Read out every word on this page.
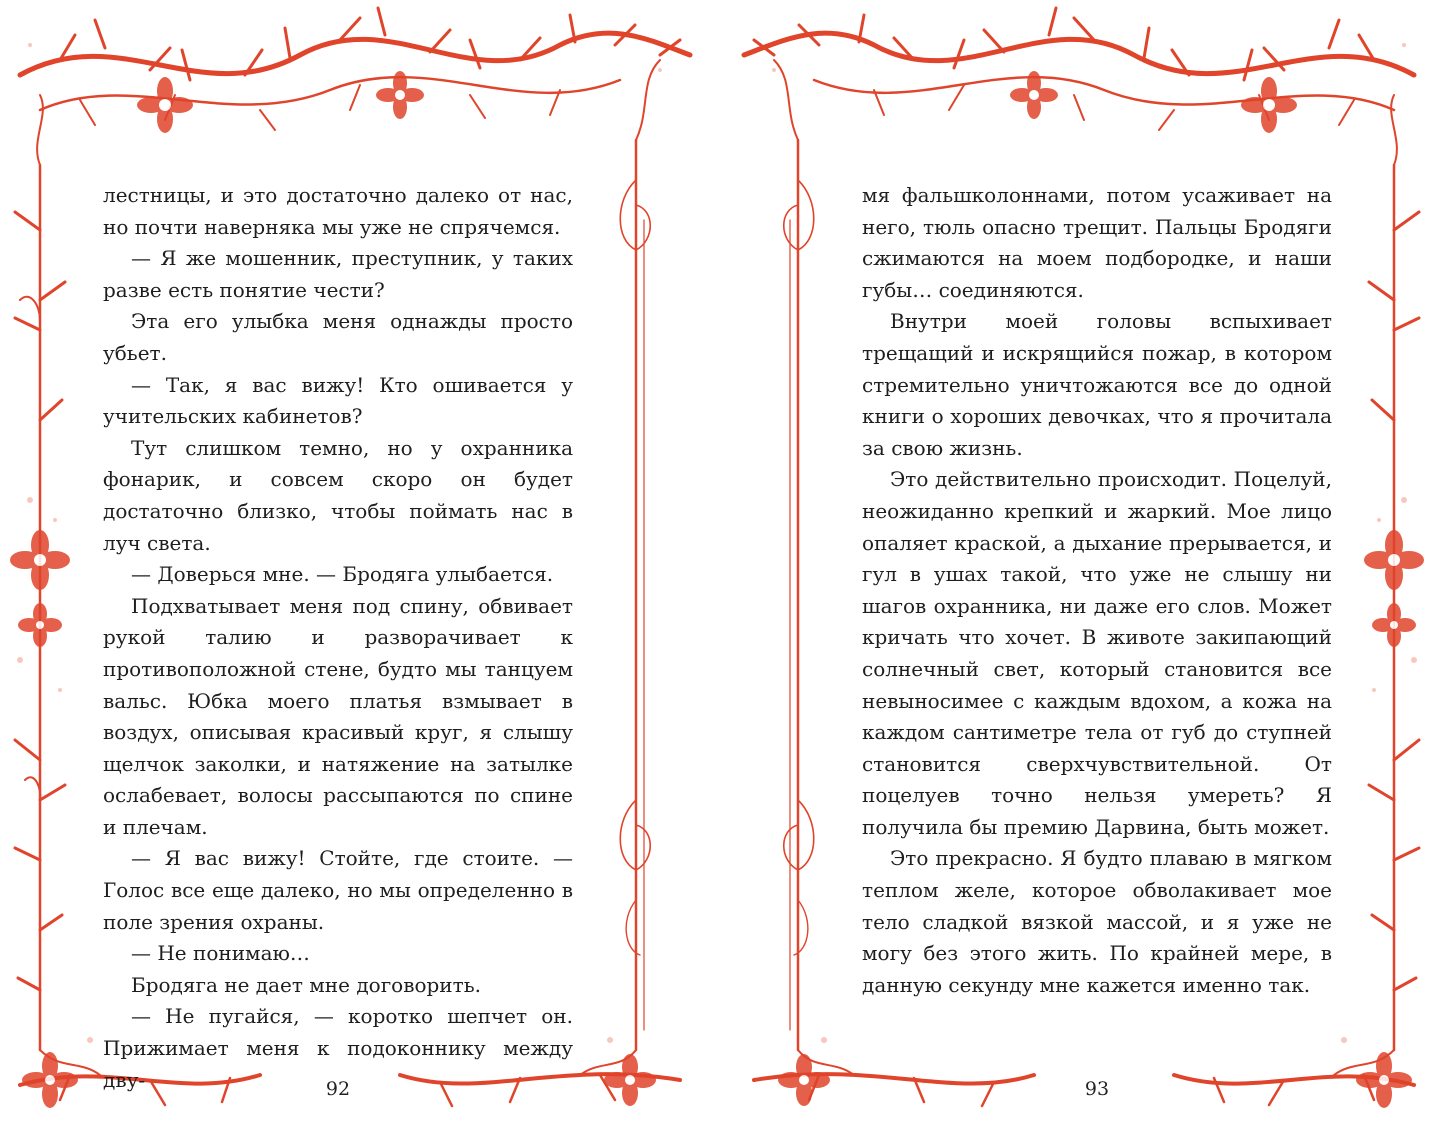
лестницы, и это достаточно далеко от нас, но почти наверняка мы уже не спрячемся.

— Я же мошенник, преступник, у таких разве есть понятие чести?

Эта его улыбка меня однажды просто убьет.

— Так, я вас вижу! Кто ошивается у учительских кабинетов?

Тут слишком темно, но у охранника фонарик, и совсем скоро он будет достаточно близко, чтобы поймать нас в луч света.

— Доверься мне. — Бродяга улыбается.

Подхватывает меня под спину, обвивает рукой талию и разворачивает к противоположной стене, будто мы танцуем вальс. Юбка моего платья взмывает в воздух, описывая красивый круг, я слышу щелчок заколки, и натяжение на затылке ослабевает, волосы рассыпаются по спине и плечам.

— Я вас вижу! Стойте, где стоите. — Голос все еще далеко, но мы определенно в поле зрения охраны.

— Не понимаю…

Бродяга не дает мне договорить.

— Не пугайся, — коротко шепчет он. Прижимает меня к подоконнику между дву-	92

мя фальшколоннами, потом усаживает на него, тюль опасно трещит. Пальцы Бродяги сжимаются на моем подбородке, и наши губы… соединяются.

Внутри моей головы вспыхивает трещащий и искрящийся пожар, в котором стремительно уничтожаются все до одной книги о хороших девочках, что я прочитала за свою жизнь.

Это действительно происходит. Поцелуй, неожиданно крепкий и жаркий. Мое лицо опаляет краской, а дыхание прерывается, и гул в ушах такой, что уже не слышу ни шагов охранника, ни даже его слов. Может кричать что хочет. В животе закипающий солнечный свет, который становится все невыносимее с каждым вдохом, а кожа на каждом сантиметре тела от губ до ступней становится сверхчувствительной. От поцелуев точно нельзя умереть? Я получила бы премию Дарвина, быть может.

Это прекрасно. Я будто плаваю в мягком теплом желе, которое обволакивает мое тело сладкой вязкой массой, и я уже не могу без этого жить. По крайней мере, в данную секунду мне кажется именно так.

93
